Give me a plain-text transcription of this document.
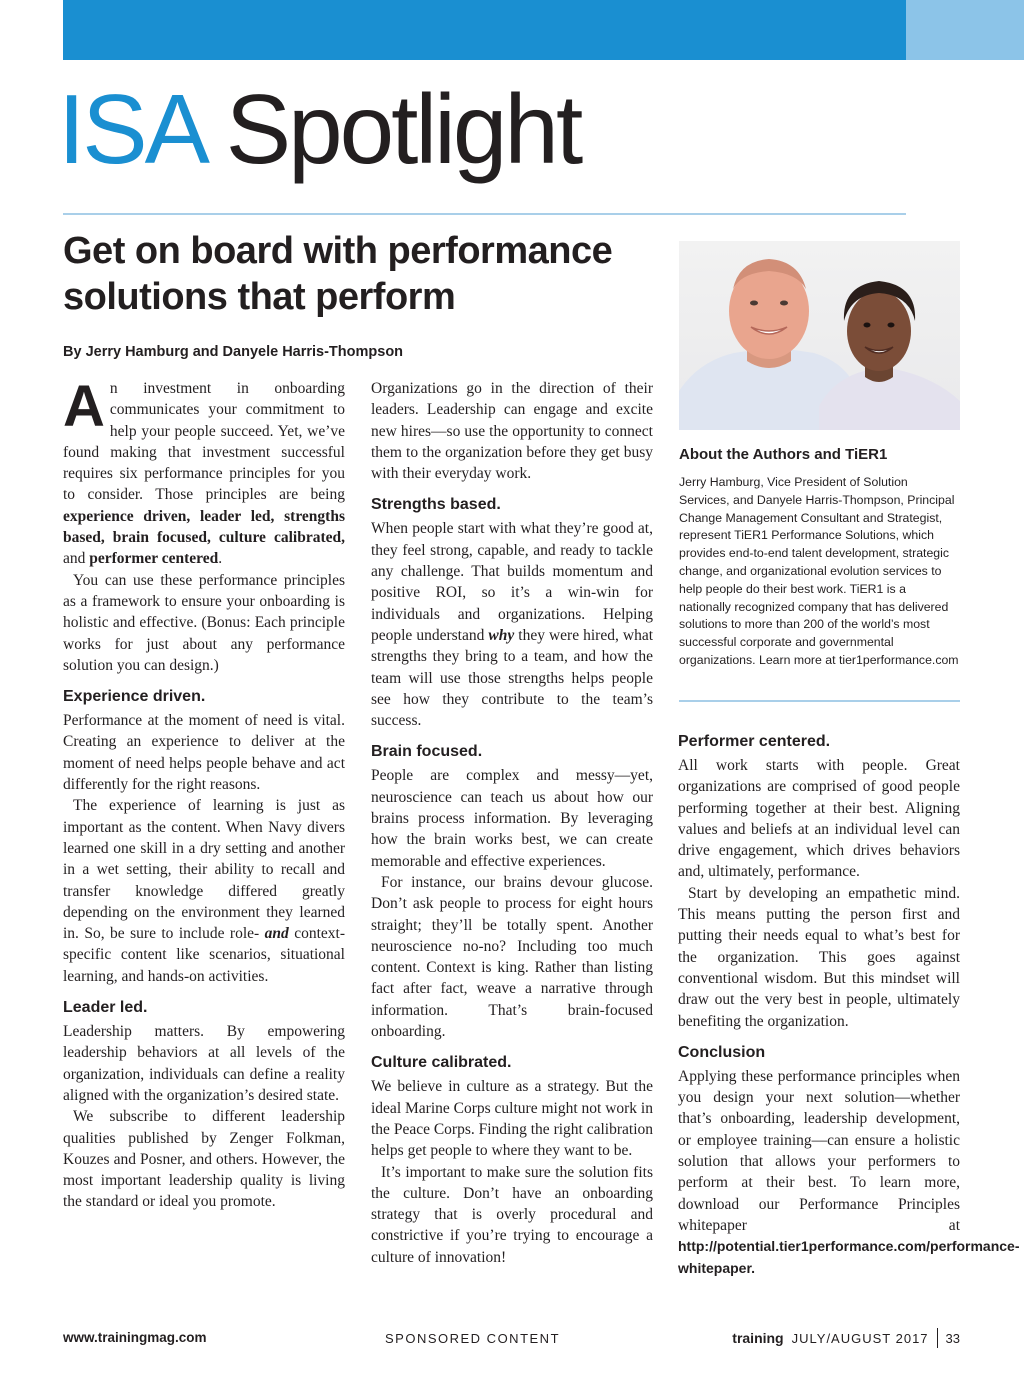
ISA Spotlight
Get on board with performance solutions that perform
By Jerry Hamburg and Danyele Harris-Thompson

An investment in onboarding communicates your commitment to help your people succeed. Yet, we’ve found making that investment successful requires six performance principles for you to consider. Those principles are being experience driven, leader led, strengths based, brain focused, culture calibrated, and performer centered.

You can use these performance principles as a framework to ensure your onboarding is holistic and effective. (Bonus: Each principle works for just about any performance solution you can design.)

Experience driven.

Performance at the moment of need is vital. Creating an experience to deliver at the moment of need helps people behave and act differently for the right reasons.

The experience of learning is just as important as the content. When Navy divers learned one skill in a dry setting and another in a wet setting, their ability to recall and transfer knowledge differed greatly depending on the environment they learned in. So, be sure to include role- and context-specific content like scenarios, situational learning, and hands-on activities.

Leader led.

Leadership matters. By empowering leadership behaviors at all levels of the organization, individuals can define a reality aligned with the organization’s desired state.

We subscribe to different leadership qualities published by Zenger Folkman, Kouzes and Posner, and others. However, the most important leadership quality is living the standard or ideal you promote.

Organizations go in the direction of their leaders. Leadership can engage and excite new hires—so use the opportunity to connect them to the organization before they get busy with their everyday work.

Strengths based.

When people start with what they’re good at, they feel strong, capable, and ready to tackle any challenge. That builds momentum and positive ROI, so it’s a win-win for individuals and organizations. Helping people understand why they were hired, what strengths they bring to a team, and how the team will use those strengths helps people see how they contribute to the team’s success.

Brain focused.

People are complex and messy—yet, neuroscience can teach us about how our brains process information. By leveraging how the brain works best, we can create memorable and effective experiences.

For instance, our brains devour glucose. Don’t ask people to process for eight hours straight; they’ll be totally spent. Another neuroscience no-no? Including too much content. Context is king. Rather than listing fact after fact, weave a narrative through information. That’s brain-focused onboarding.

Culture calibrated.

We believe in culture as a strategy. But the ideal Marine Corps culture might not work in the Peace Corps. Finding the right calibration helps get people to where they want to be.

It’s important to make sure the solution fits the culture. Don’t have an onboarding strategy that is overly procedural and constrictive if you’re trying to encourage a culture of innovation!

About the Authors and TiER1

Jerry Hamburg, Vice President of Solution Services, and Danyele Harris-Thompson, Principal Change Management Consultant and Strategist, represent TiER1 Performance Solutions, which provides end-to-end talent development, strategic change, and organizational evolution services to help people do their best work. TiER1 is a nationally recognized company that has delivered solutions to more than 200 of the world’s most successful corporate and governmental organizations. Learn more at tier1performance.com

Performer centered.

All work starts with people. Great organizations are comprised of good people performing together at their best. Aligning values and beliefs at an individual level can drive engagement, which drives behaviors and, ultimately, performance.

Start by developing an empathetic mind. This means putting the person first and putting their needs equal to what’s best for the organization. This goes against conventional wisdom. But this mindset will draw out the very best in people, ultimately benefiting the organization.

Conclusion

Applying these performance principles when you design your next solution—whether that’s onboarding, leadership development, or employee training—can ensure a holistic solution that allows your performers to perform at their best. To learn more, download our Performance Principles whitepaper at http://potential.tier1performance.com/performance-whitepaper.

www.trainingmag.com	SPONSORED CONTENT	training JULY/AUGUST 2017 33
